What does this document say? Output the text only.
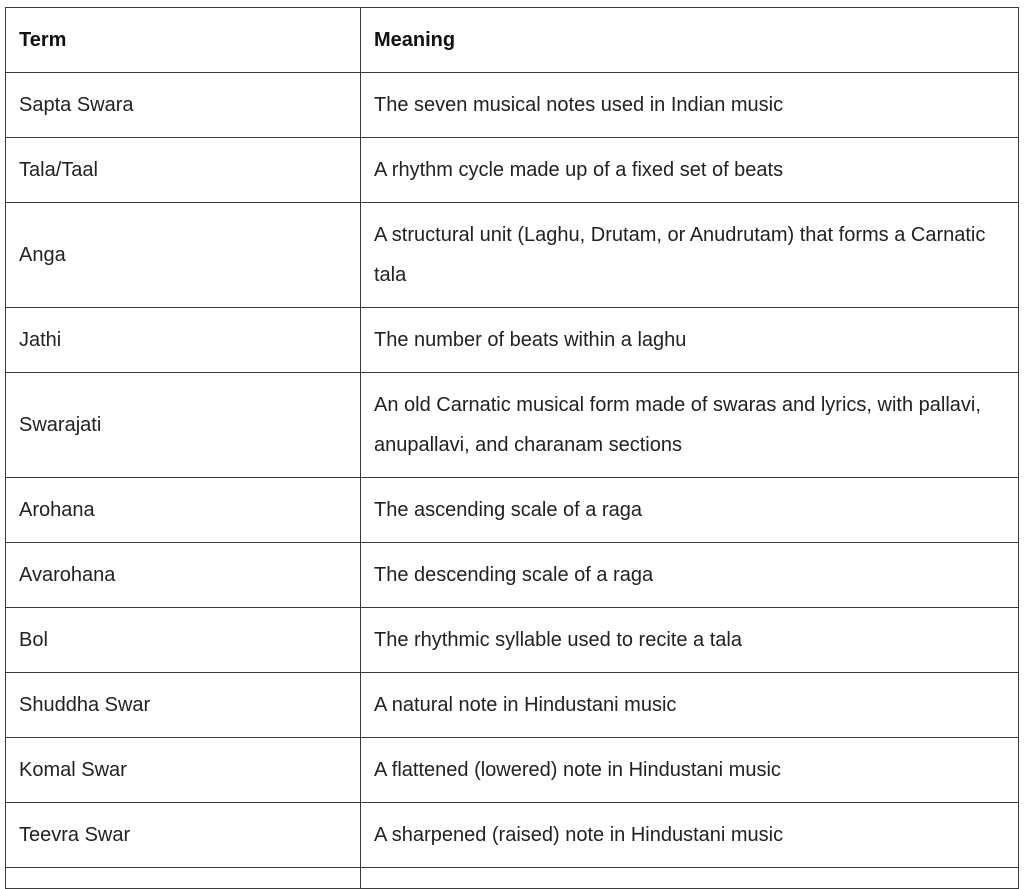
Term	Meaning
Sapta Swara	The seven musical notes used in Indian music
Tala/Taal	A rhythm cycle made up of a fixed set of beats
Anga	A structural unit (Laghu, Drutam, or Anudrutam) that forms a Carnatic tala
Jathi	The number of beats within a laghu
Swarajati	An old Carnatic musical form made of swaras and lyrics, with pallavi, anupallavi, and charanam sections
Arohana	The ascending scale of a raga
Avarohana	The descending scale of a raga
Bol	The rhythmic syllable used to recite a tala
Shuddha Swar	A natural note in Hindustani music
Komal Swar	A flattened (lowered) note in Hindustani music
Teevra Swar	A sharpened (raised) note in Hindustani music
